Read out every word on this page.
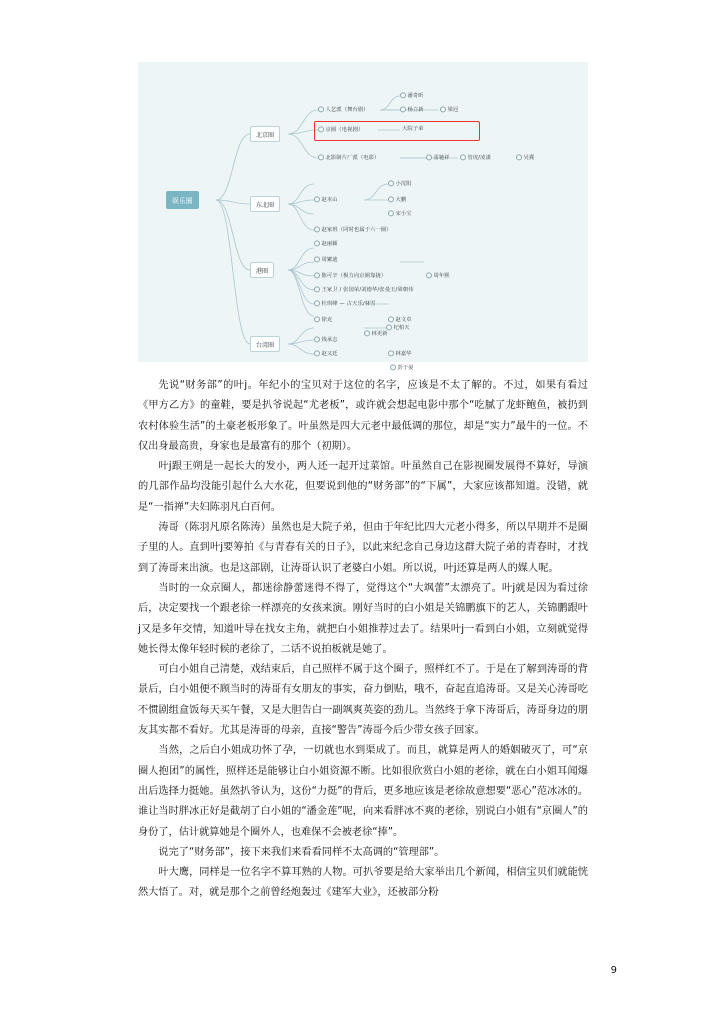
娱乐圈
北京圈
东北圈
港圈
台湾圈
潘奇昕
人艺派（舞台剧）	杨立新	梁冠
京圈（电视剧）	大院子弟
北影制片厂派（电影）	雷驰祥	管虎/凌潇	吴冀
小沈阳
赵本山	大鹏
宋小宝
赵家班（同时也属于六一圈）
赵丽颖
周繁迪
陈可辛（极力向京圈靠拢）	周年熙
王家卫 / 张国荣/刘德华/张曼玉/梁朝伟
杜琪峰 — 古天乐/林雪
徐克	赵文卓
林更新
杞柏天
钱承志
赵又廷	林嘉华
彭于晏

先说“财务部”的叶j。年纪小的宝贝对于这位的名字，应该是不太了解的。不过，如果有看过《甲方乙方》的童鞋，要是扒爷说起“尤老板”，或许就会想起电影中那个“吃腻了龙虾鲍鱼，被扔到农村体验生活”的土豪老板形象了。叶虽然是四大元老中最低调的那位，却是“实力”最牛的一位。不仅出身最高贵，身家也是最富有的那个（初期）。

叶j跟王朔是一起长大的发小，两人还一起开过菜馆。叶虽然自己在影视圈发展得不算好，导演的几部作品均没能引起什么大水花，但要说到他的“财务部”的“下属”，大家应该都知道。没错，就是“一指禅”夫妇陈羽凡白百何。

涛哥（陈羽凡原名陈涛）虽然也是大院子弟，但由于年纪比四大元老小得多，所以早期并不是圈子里的人。直到叶j要筹拍《与青春有关的日子》，以此来纪念自己身边这群大院子弟的青春时，才找到了涛哥来出演。也是这部剧，让涛哥认识了老婆白小姐。所以说，叶j还算是两人的媒人呢。

当时的一众京圈人，都迷徐静蕾迷得不得了，觉得这个“大飒蕾”太漂亮了。叶j就是因为看过徐后，决定要找一个跟老徐一样漂亮的女孩来演。刚好当时的白小姐是关锦鹏旗下的艺人，关锦鹏跟叶j又是多年交情，知道叶导在找女主角，就把白小姐推荐过去了。结果叶j一看到白小姐，立刻就觉得她长得太像年轻时候的老徐了，二话不说拍板就是她了。

可白小姐自己清楚，戏结束后，自己照样不属于这个圈子，照样红不了。于是在了解到涛哥的背景后，白小姐便不顾当时的涛哥有女朋友的事实，奋力倒贴，哦不，奋起直追涛哥。又是关心涛哥吃不惯剧组盒饭每天买午餐，又是大胆告白一副飒爽英姿的劲儿。当然终于拿下涛哥后，涛哥身边的朋友其实都不看好。尤其是涛哥的母亲，直接“警告”涛哥今后少带女孩子回家。

当然，之后白小姐成功怀了孕，一切就也水到渠成了。而且，就算是两人的婚姻破灭了，可“京圈人抱团”的属性，照样还是能够让白小姐资源不断。比如很欣赏白小姐的老徐，就在白小姐耳闻爆出后选择力挺她。虽然扒爷认为，这份“力挺”的背后，更多地应该是老徐故意想要“恶心”范冰冰的。谁让当时胖冰正好是截胡了白小姐的“潘金莲”呢，向来看胖冰不爽的老徐，别说白小姐有“京圈人”的身份了，估计就算她是个圈外人，也难保不会被老徐“捧”。

说完了“财务部”，接下来我们来看看同样不太高调的“管理部”。

叶大鹰，同样是一位名字不算耳熟的人物。可扒爷要是给大家举出几个新闻，相信宝贝们就能恍然大悟了。对，就是那个之前曾经炮轰过《建军大业》，还被部分粉

9
